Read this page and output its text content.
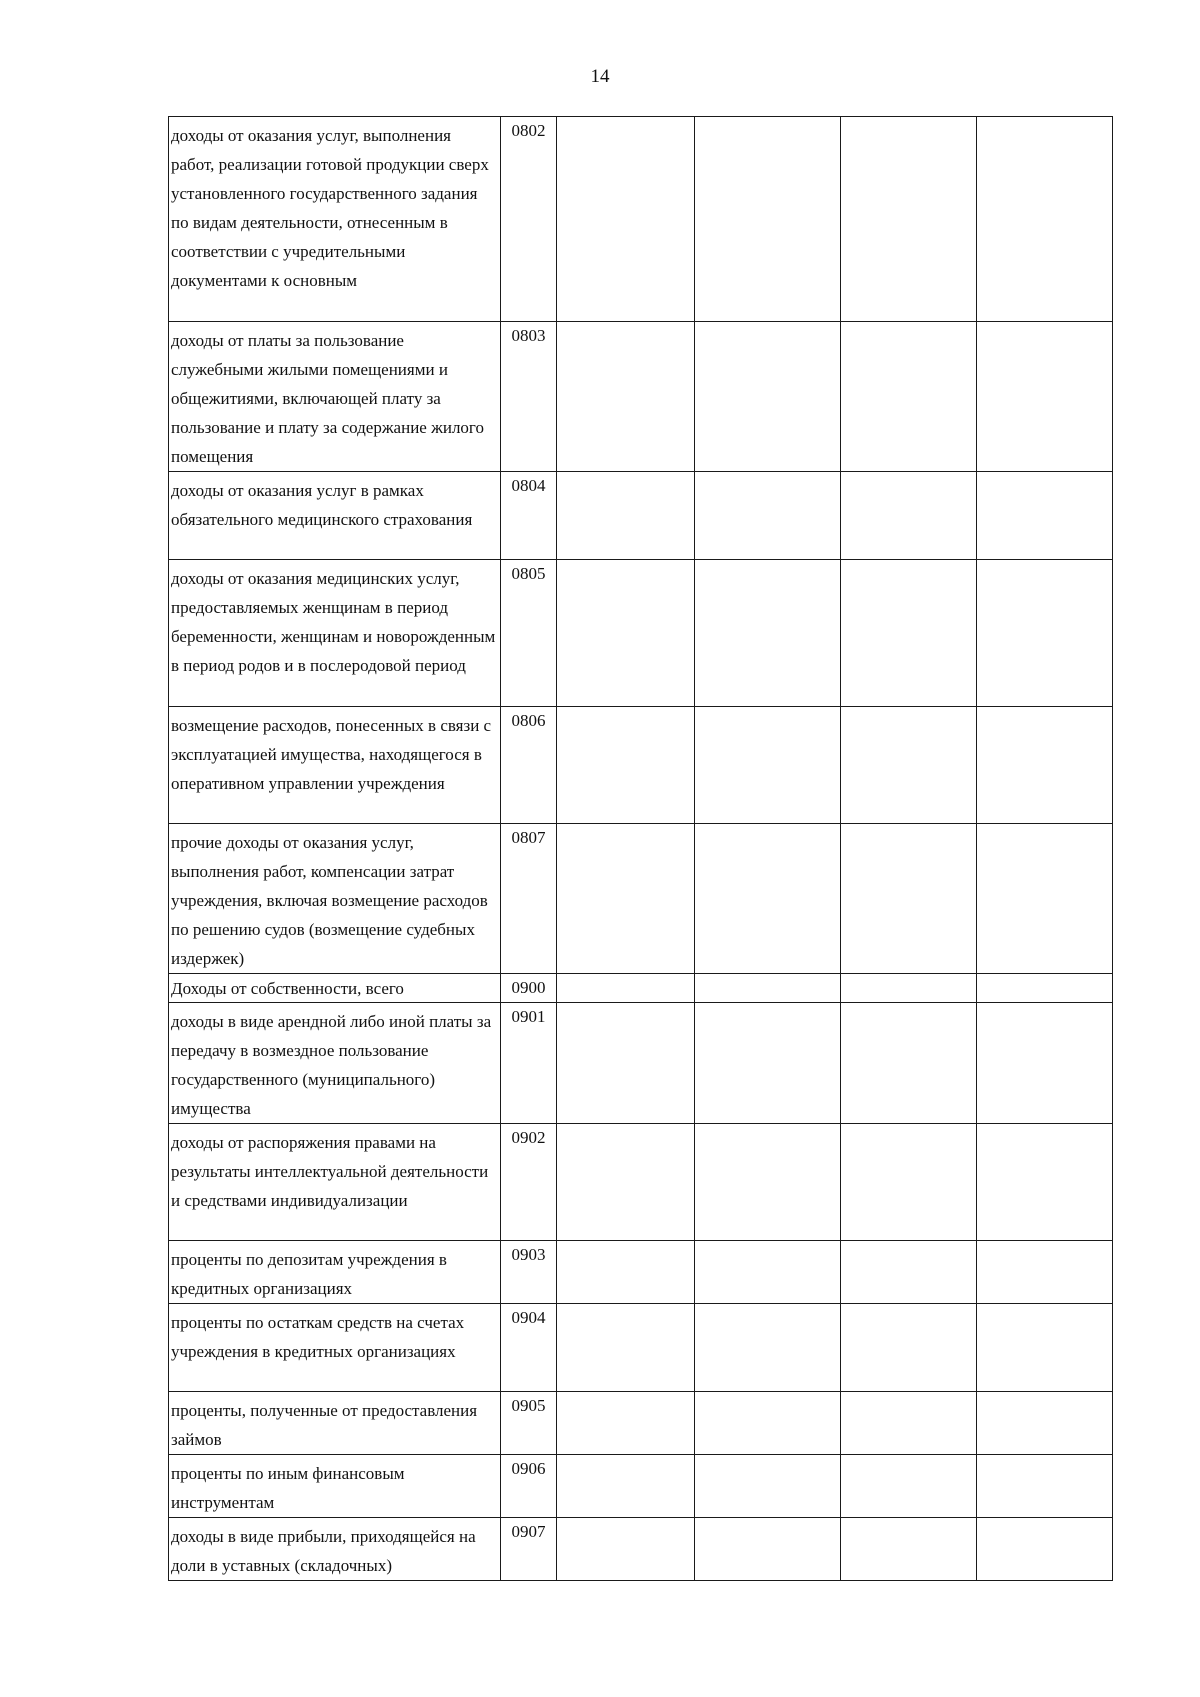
14
доходы от оказания услуг, выполнения работ, реализации готовой продукции сверх установленного государственного задания по видам деятельности, отнесенным в соответствии с учредительными документами к основным	0802				
доходы от платы за пользование служебными жилыми помещениями и общежитиями, включающей плату за пользование и плату за содержание жилого помещения	0803				
доходы от оказания услуг в рамках обязательного медицинского страхования	0804				
доходы от оказания медицинских услуг, предоставляемых женщинам в период беременности, женщинам и новорожденным в период родов и в послеродовой период	0805				
возмещение расходов, понесенных в связи с эксплуатацией имущества, находящегося в оперативном управлении учреждения	0806				
прочие доходы от оказания услуг, выполнения работ, компенсации затрат учреждения, включая возмещение расходов по решению судов (возмещение судебных издержек)	0807				
Доходы от собственности, всего	0900				
доходы в виде арендной либо иной платы за передачу в возмездное пользование государственного (муниципального) имущества	0901				
доходы от распоряжения правами на результаты интеллектуальной деятельности и средствами индивидуализации	0902				
проценты по депозитам учреждения в кредитных организациях	0903				
проценты по остаткам средств на счетах учреждения в кредитных организациях	0904				
проценты, полученные от предоставления займов	0905				
проценты по иным финансовым инструментам	0906				
доходы в виде прибыли, приходящейся на доли в уставных (складочных)	0907				
